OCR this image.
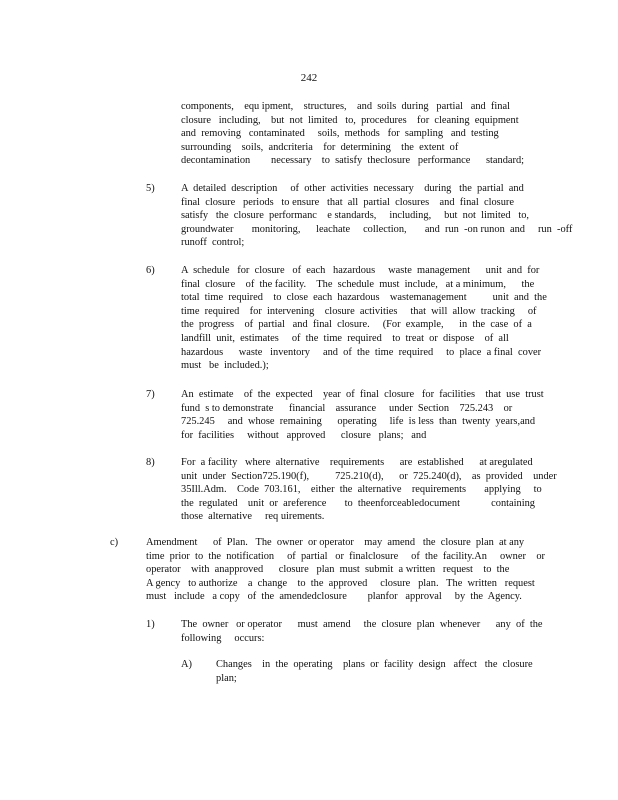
242
components,    equ ipment,    structures,    and  soils  during   partial   and  final
closure   including,    but  not  limited   to,  procedures    for  cleaning  equipment
and  removing   contaminated     soils,  methods   for  sampling   and  testing
surrounding    soils,  andcriteria    for  determining    the  extent  of
decontamination        necessary    to  satisfy  theclosure   performance      standard;
5)	A  detailed  description     of  other  activities  necessary    during   the  partial  and
final  closure   periods   to ensure   that  all  partial  closures    and  final  closure
satisfy   the  closure  performanc    e standards,     including,     but  not  limited   to,
groundwater       monitoring,      leachate     collection,       and  run  -on runon  and     run  -off
runoff  control;
6)	A  schedule   for  closure   of  each   hazardous     waste  management      unit  and  for
final  closure    of  the facility.    The  schedule  must  include,   at a minimum,      the
total  time  required    to  close  each  hazardous    wastemanagement          unit  and  the
time  required    for  intervening    closure  activities     that  will  allow  tracking     of
the  progress    of  partial   and  final  closure.     (For  example,      in  the  case  of  a
landfill  unit,  estimates     of  the  time  required    to  treat  or  dispose    of  all
hazardous      waste   inventory     and  of  the  time  required     to  place  a final  cover
must   be  included.);
7)	An  estimate    of  the  expected    year  of  final  closure   for  facilities    that  use  trust
fund  s to demonstrate      financial    assurance     under  Section    725.243    or
725.245     and  whose  remaining      operating     life  is less  than  twenty  years,and
for  facilities     without   approved      closure   plans;   and
8)	For  a facility   where  alternative    requirements      are  established      at aregulated
unit  under  Section725.190(f),          725.210(d),      or  725.240(d),    as  provided    under
35Ill.Adm.    Code  703.161,    either  the  alternative    requirements       applying     to
the  regulated    unit  or  areference       to  theenforceabledocument            containing
those  alternative     req uirements.
c)	Amendment      of  Plan.   The  owner  or operator    may  amend   the  closure  plan  at any
time  prior  to  the  notification     of  partial   or  finalclosure     of  the  facility.An     owner    or
operator    with  anapproved      closure   plan  must  submit  a written   request    to  the
A gency   to authorize    a  change    to  the  approved     closure   plan.   The  written   request
must   include   a copy   of  the  amendedclosure        planfor   approval     by  the  Agency.
1)	The  owner   or operator      must  amend     the  closure  plan  whenever      any  of  the
following     occurs:
A) Changes    in  the  operating    plans  or  facility  design   affect   the  closure
plan;
